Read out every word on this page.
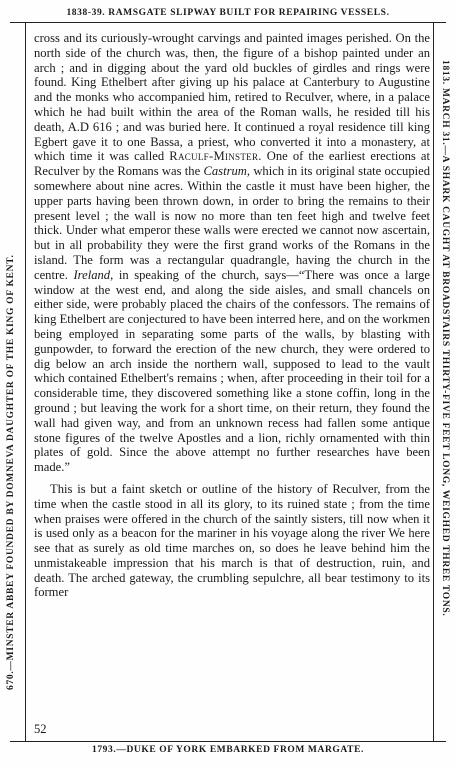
1838-39. RAMSGATE SLIPWAY BUILT FOR REPAIRING VESSELS.
670.—MINSTER ABBEY FOUNDED BY DOMNEVA DAUGHTER OF THE KING OF KENT.	1813. MARCH 31.—A SHARK CAUGHT AT BROADSTAIRS THIRTY-FIVE FEET LONG, WEIGHED THREE TONS.

cross and its curiously-wrought carvings and painted images perished. On the north side of the church was, then, the figure of a bishop painted under an arch ; and in digging about the yard old buckles of girdles and rings were found. King Ethelbert after giving up his palace at Canterbury to Augustine and the monks who accompanied him, retired to Reculver, where, in a palace which he had built within the area of the Roman walls, he resided till his death, A.D 616 ; and was buried here. It continued a royal residence till king Egbert gave it to one Bassa, a priest, who converted it into a monastery, at which time it was called Raculf-Minster. One of the earliest erections at Reculver by the Romans was the Castrum, which in its original state occupied somewhere about nine acres. Within the castle it must have been higher, the upper parts having been thrown down, in order to bring the remains to their present level ; the wall is now no more than ten feet high and twelve feet thick. Under what emperor these walls were erected we cannot now ascertain, but in all probability they were the first grand works of the Romans in the island. The form was a rectangular quadrangle, having the church in the centre. Ireland, in speaking of the church, says—“There was once a large window at the west end, and along the side aisles, and small chancels on either side, were probably placed the chairs of the confessors. The remains of king Ethelbert are conjectured to have been interred here, and on the workmen being employed in separating some parts of the walls, by blasting with gunpowder, to forward the erection of the new church, they were ordered to dig below an arch inside the northern wall, supposed to lead to the vault which contained Ethelbert's remains ; when, after proceeding in their toil for a considerable time, they discovered something like a stone coffin, long in the ground ; but leaving the work for a short time, on their return, they found the wall had given way, and from an unknown recess had fallen some antique stone figures of the twelve Apostles and a lion, richly ornamented with thin plates of gold. Since the above attempt no further researches have been made.”

This is but a faint sketch or outline of the history of Reculver, from the time when the castle stood in all its glory, to its ruined state ; from the time when praises were offered in the church of the saintly sisters, till now when it is used only as a beacon for the mariner in his voyage along the river We here see that as surely as old time marches on, so does he leave behind him the unmistakeable impression that his march is that of destruction, ruin, and death. The arched gateway, the crumbling sepulchre, all bear testimony to its former

52
1793.—DUKE OF YORK EMBARKED FROM MARGATE.
